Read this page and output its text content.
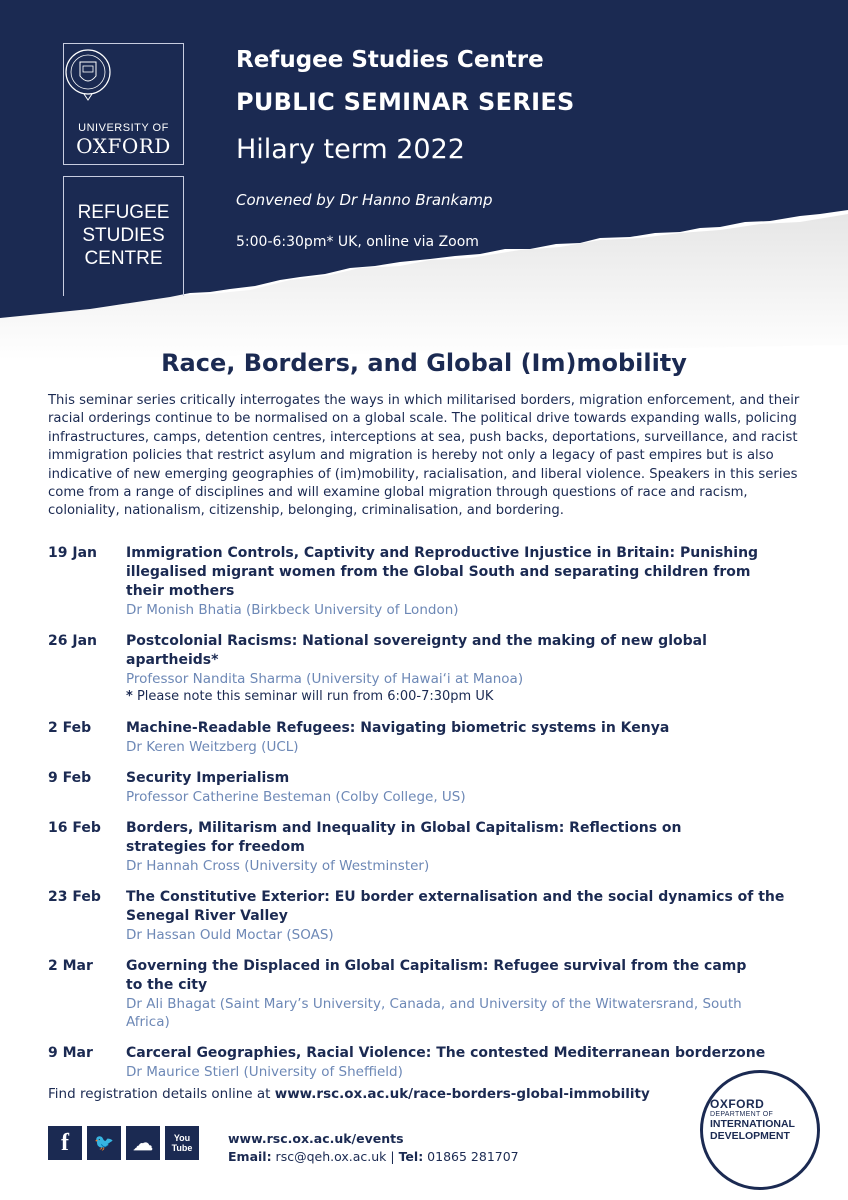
UNIVERSITY OF
OXFORD
REFUGEE
STUDIES
CENTRE
Refugee Studies Centre
PUBLIC SEMINAR SERIES
Hilary term 2022
Convened by Dr Hanno Brankamp
5:00-6:30pm* UK, online via Zoom
Race, Borders, and Global (Im)mobility
This seminar series critically interrogates the ways in which militarised borders, migration enforcement, and their racial orderings continue to be normalised on a global scale. The political drive towards expanding walls, policing infrastructures, camps, detention centres, interceptions at sea, push backs, deportations, surveillance, and racist immigration policies that restrict asylum and migration is hereby not only a legacy of past empires but is also indicative of new emerging geographies of (im)mobility, racialisation, and liberal violence. Speakers in this series come from a range of disciplines and will examine global migration through questions of race and racism, coloniality, nationalism, citizenship, belonging, criminalisation, and bordering.
19 Jan	Immigration Controls, Captivity and Reproductive Injustice in Britain: Punishing illegalised migrant women from the Global South and separating children from their mothers
Dr Monish Bhatia (Birkbeck University of London)
26 Jan	Postcolonial Racisms: National sovereignty and the making of new global apartheids*
Professor Nandita Sharma (University of Hawai‘i at Manoa)
* Please note this seminar will run from 6:00-7:30pm UK
2 Feb	Machine-Readable Refugees: Navigating biometric systems in Kenya
Dr Keren Weitzberg (UCL)
9 Feb	Security Imperialism
Professor Catherine Besteman (Colby College, US)
16 Feb	Borders, Militarism and Inequality in Global Capitalism: Reflections on strategies for freedom
Dr Hannah Cross (University of Westminster)
23 Feb	The Constitutive Exterior: EU border externalisation and the social dynamics of the Senegal River Valley
Dr Hassan Ould Moctar (SOAS)
2 Mar	Governing the Displaced in Global Capitalism: Refugee survival from the camp to the city
Dr Ali Bhagat (Saint Mary’s University, Canada, and University of the Witwatersrand, South Africa)
9 Mar	Carceral Geographies, Racial Violence: The contested Mediterranean borderzone
Dr Maurice Stierl (University of Sheffield)
Find registration details online at www.rsc.ox.ac.uk/race-borders-global-immobility
f	🐦 ☁	You Tube
www.rsc.ox.ac.uk/events
Email: rsc@qeh.ox.ac.uk | Tel: 01865 281707
OXFORD
DEPARTMENT OF
INTERNATIONAL
DEVELOPMENT
